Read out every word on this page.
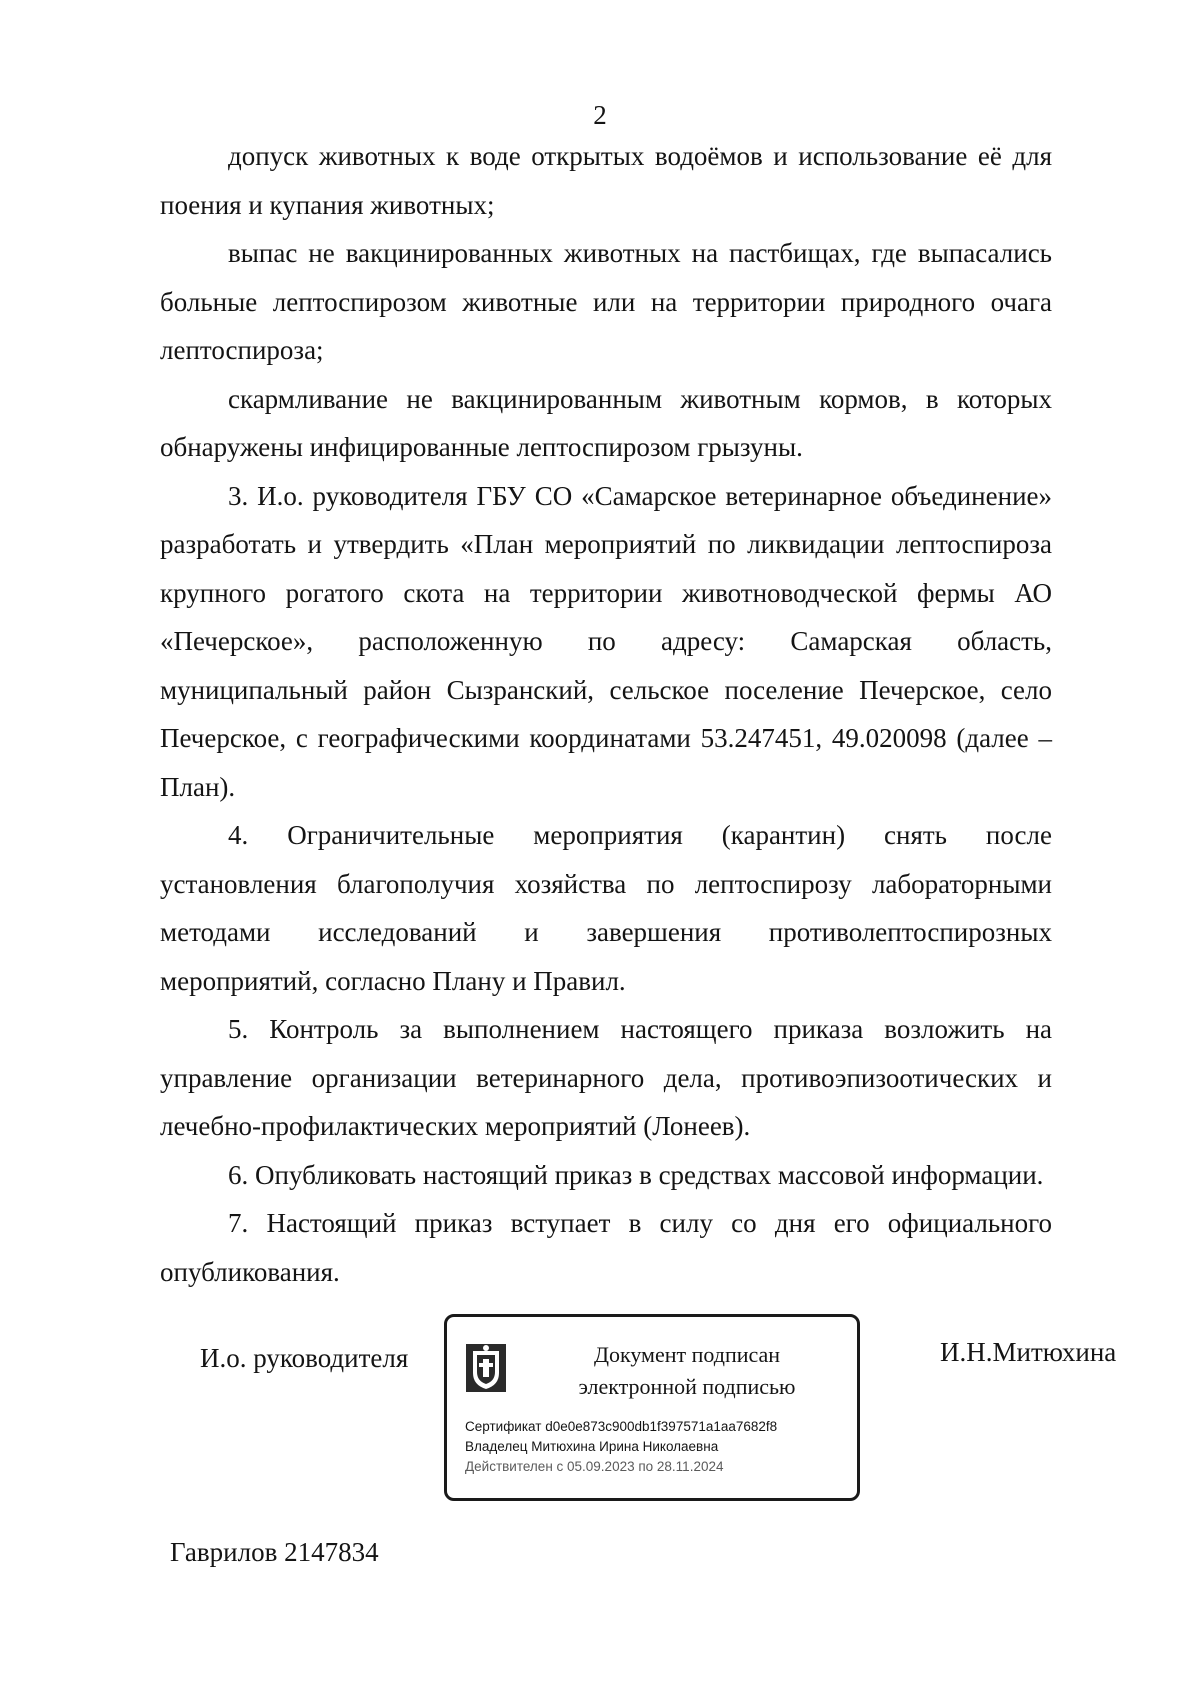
2

допуск животных к воде открытых водоёмов и использование её для поения и купания животных;

выпас не вакцинированных животных на пастбищах, где выпасались больные лептоспирозом животные или на территории природного очага лептоспироза;

скармливание не вакцинированным животным кормов, в которых обнаружены инфицированные лептоспирозом грызуны.

3. И.о. руководителя ГБУ СО «Самарское ветеринарное объединение» разработать и утвердить «План мероприятий по ликвидации лептоспироза крупного рогатого скота на территории животноводческой фермы АО «Печерское», расположенную по адресу: Самарская область, муниципальный район Сызранский, сельское поселение Печерское, село Печерское, с географическими координатами 53.247451, 49.020098 (далее – План).

4. Ограничительные мероприятия (карантин) снять после установления благополучия хозяйства по лептоспирозу лабораторными методами исследований и завершения противолептоспирозных мероприятий, согласно Плану и Правил.

5. Контроль за выполнением настоящего приказа возложить на управление организации ветеринарного дела, противоэпизоотических и лечебно-профилактических мероприятий (Лонеев).

6. Опубликовать настоящий приказ в средствах массовой информации.

7. Настоящий приказ вступает в силу со дня его официального опубликования.

И.о. руководителя	Документ подписан
электронной подписью
Сертификат d0e0e873c900db1f397571a1aa7682f8
Владелец Митюхина Ирина Николаевна
Действителен с 05.09.2023 по 28.11.2024
И.Н.Митюхина
Гаврилов 2147834
